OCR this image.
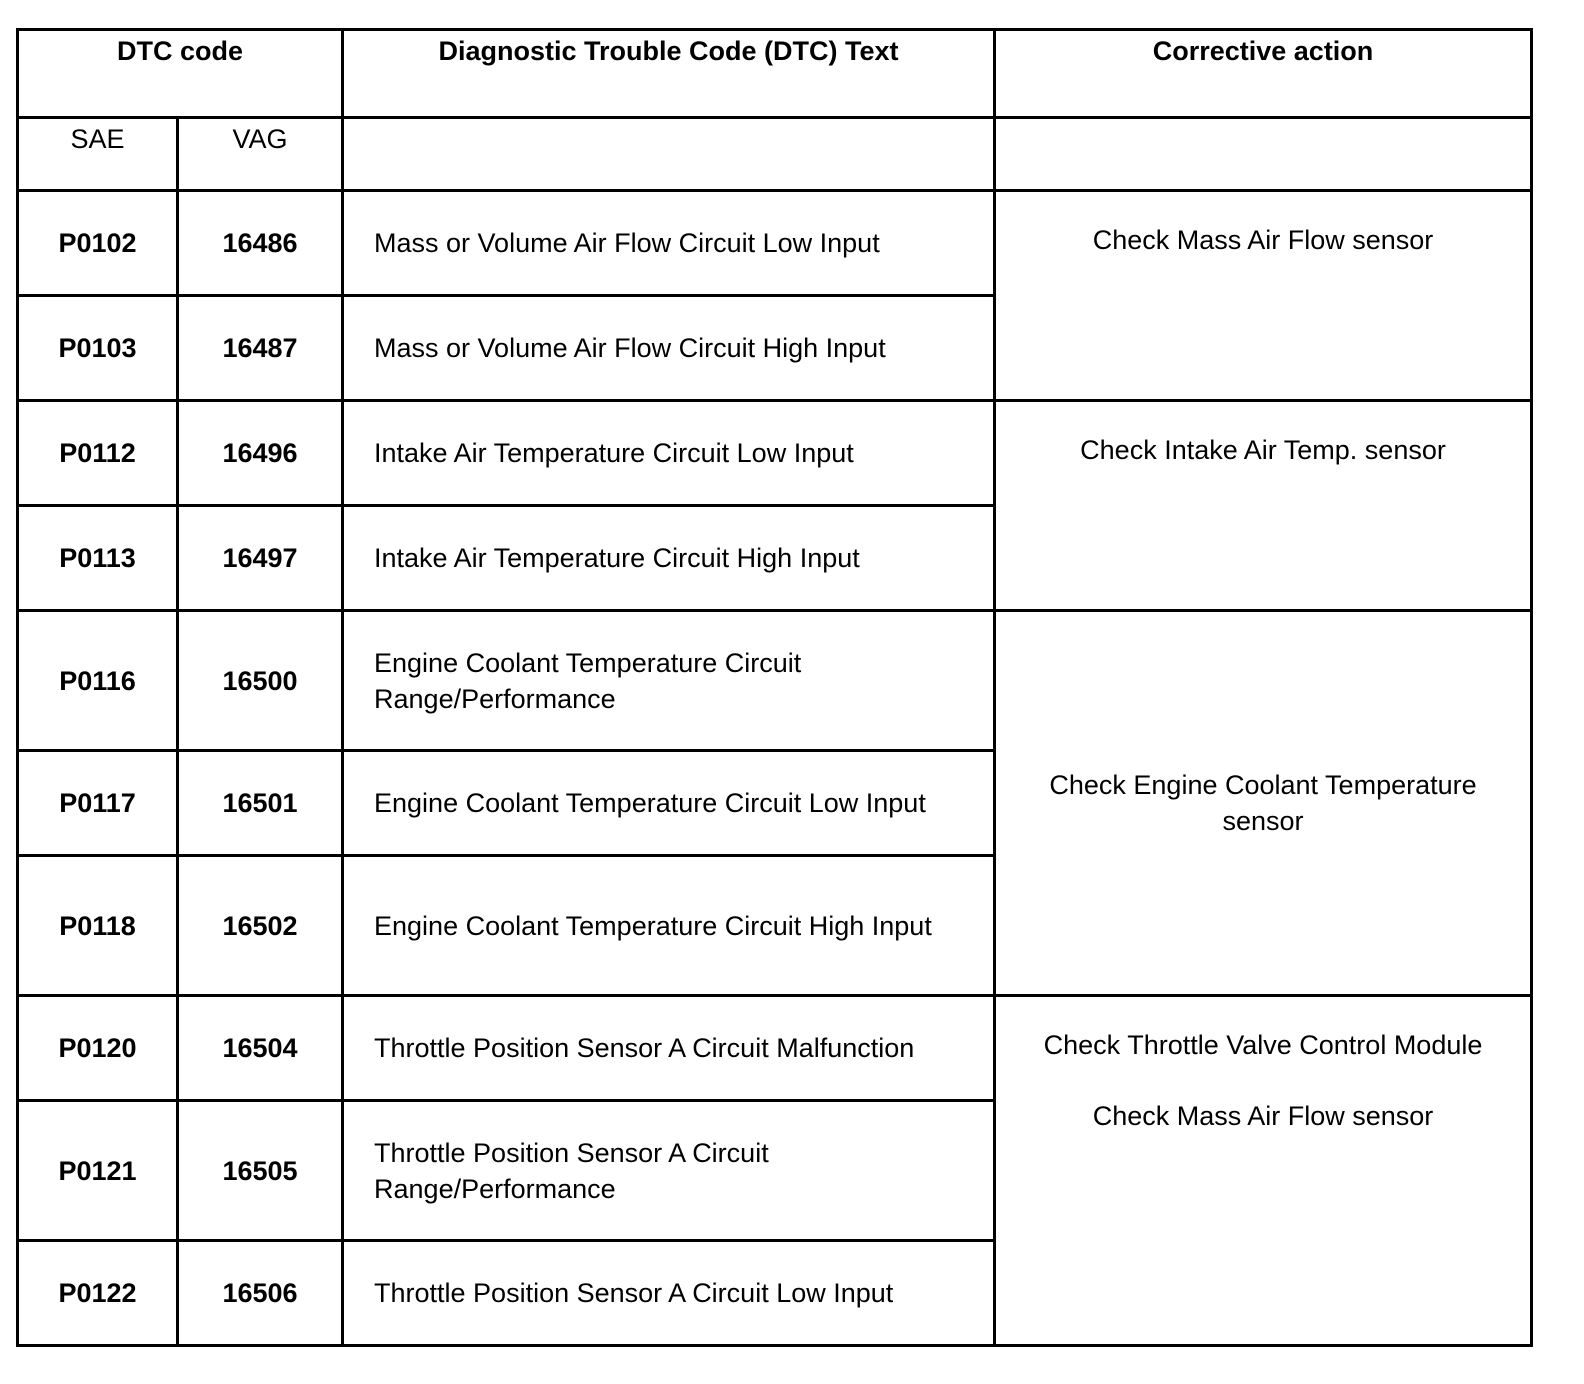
DTC code		Diagnostic Trouble Code (DTC) Text	Corrective action
SAE	VAG		
P0102	16486	Mass or Volume Air Flow Circuit Low Input	Check Mass Air Flow sensor

P0103	16487	Mass or Volume Air Flow Circuit High Input	
P0112	16496	Intake Air Temperature Circuit Low Input	Check Intake Air Temp. sensor

P0113	16497	Intake Air Temperature Circuit High Input	
P0116	16500	Engine Coolant Temperature Circuit Range/Performance	Check Engine Coolant Temperature sensor
P0117	16501	Engine Coolant Temperature Circuit Low Input	
P0118	16502	Engine Coolant Temperature Circuit High Input	
P0120	16504	Throttle Position Sensor A Circuit Malfunction	Check Throttle Valve Control Module

Check Mass Air Flow sensor

P0121	16505	Throttle Position Sensor A Circuit Range/Performance	
P0122	16506	Throttle Position Sensor A Circuit Low Input	
